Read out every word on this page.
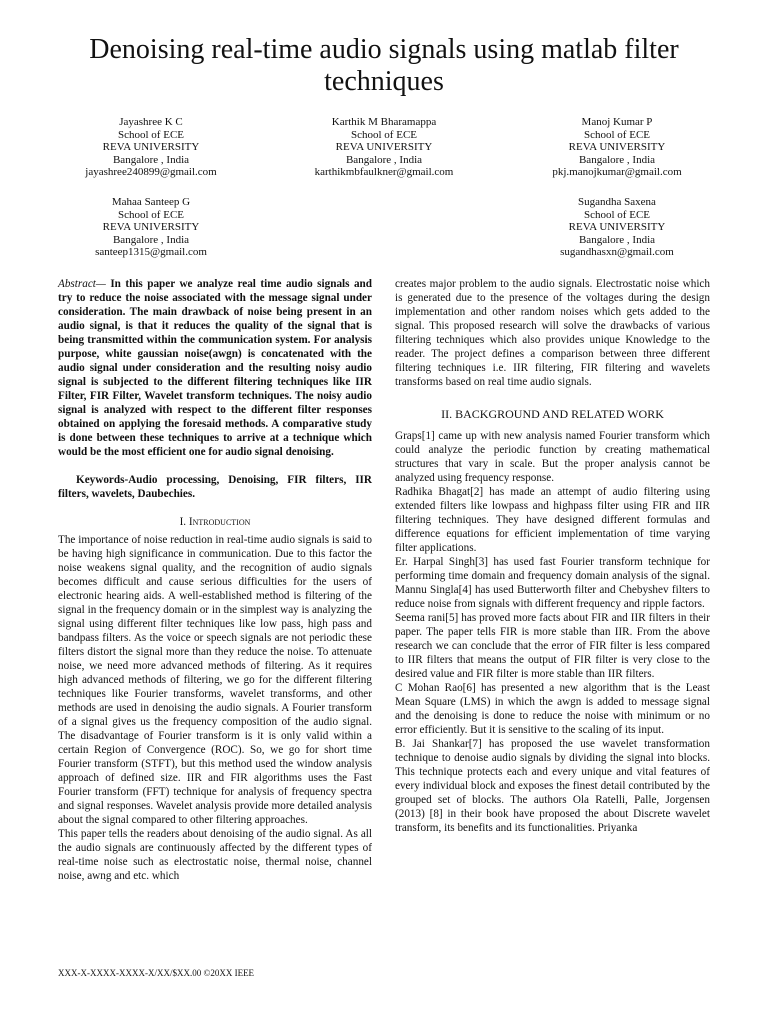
Denoising real-time audio signals using matlab filter techniques
Jayashree K C
School of ECE
REVA UNIVERSITY
Bangalore , India
jayashree240899@gmail.com
Karthik M Bharamappa
School of ECE
REVA UNIVERSITY
Bangalore , India
karthikmbfaulkner@gmail.com
Manoj Kumar P
School of ECE
REVA UNIVERSITY
Bangalore , India
pkj.manojkumar@gmail.com
Mahaa Santeep G
School of ECE
REVA UNIVERSITY
Bangalore , India
santeep1315@gmail.com
Sugandha Saxena
School of ECE
REVA UNIVERSITY
Bangalore , India
sugandhasxn@gmail.com

Abstract— In this paper we analyze real time audio signals and try to reduce the noise associated with the message signal under consideration. The main drawback of noise being present in an audio signal, is that it reduces the quality of the signal that is being transmitted within the communication system. For analysis purpose, white gaussian noise(awgn) is concatenated with the audio signal under consideration and the resulting noisy audio signal is subjected to the different filtering techniques like IIR Filter, FIR Filter, Wavelet transform techniques. The noisy audio signal is analyzed with respect to the different filter responses obtained on applying the foresaid methods. A comparative study is done between these techniques to arrive at a technique which would be the most efficient one for audio signal denoising.

Keywords-Audio processing, Denoising, FIR filters, IIR filters, wavelets, Daubechies.

I. Introduction

The importance of noise reduction in real-time audio signals is said to be having high significance in communication. Due to this factor the noise weakens signal quality, and the recognition of audio signals becomes difficult and cause serious difficulties for the users of electronic hearing aids. A well-established method is filtering of the signal in the frequency domain or in the simplest way is analyzing the signal using different filter techniques like low pass, high pass and bandpass filters. As the voice or speech signals are not periodic these filters distort the signal more than they reduce the noise. To attenuate noise, we need more advanced methods of filtering. As it requires high advanced methods of filtering, we go for the different filtering techniques like Fourier transforms, wavelet transforms, and other methods are used in denoising the audio signals. A Fourier transform of a signal gives us the frequency composition of the audio signal. The disadvantage of Fourier transform is it is only valid within a certain Region of Convergence (ROC). So, we go for short time Fourier transform (STFT), but this method used the window analysis approach of defined size. IIR and FIR algorithms uses the Fast Fourier transform (FFT) technique for analysis of frequency spectra and signal responses. Wavelet analysis provide more detailed analysis about the signal compared to other filtering approaches.

This paper tells the readers about denoising of the audio signal. As all the audio signals are continuously affected by the different types of real-time noise such as electrostatic noise, thermal noise, channel noise, awng and etc. which

creates major problem to the audio signals. Electrostatic noise which is generated due to the presence of the voltages during the design implementation and other random noises which gets added to the signal. This proposed research will solve the drawbacks of various filtering techniques which also provides unique Knowledge to the reader. The project defines a comparison between three different filtering techniques i.e. IIR filtering, FIR filtering and wavelets transforms based on real time audio signals.

II. BACKGROUND AND RELATED WORK

Graps[1] came up with new analysis named Fourier transform which could analyze the periodic function by creating mathematical structures that vary in scale. But the proper analysis cannot be analyzed using frequency response.

Radhika Bhagat[2] has made an attempt of audio filtering using extended filters like lowpass and highpass filter using FIR and IIR filtering techniques. They have designed different formulas and difference equations for efficient implementation of time varying filter applications.

Er. Harpal Singh[3] has used fast Fourier transform technique for performing time domain and frequency domain analysis of the signal. Mannu Singla[4] has used Butterworth filter and Chebyshev filters to reduce noise from signals with different frequency and ripple factors.

Seema rani[5] has proved more facts about FIR and IIR filters in their paper. The paper tells FIR is more stable than IIR. From the above research we can conclude that the error of FIR filter is less compared to IIR filters that means the output of FIR filter is very close to the desired value and FIR filter is more stable than IIR filters.

C Mohan Rao[6] has presented a new algorithm that is the Least Mean Square (LMS) in which the awgn is added to message signal and the denoising is done to reduce the noise with minimum or no error efficiently. But it is sensitive to the scaling of its input.

B. Jai Shankar[7] has proposed the use wavelet transformation technique to denoise audio signals by dividing the signal into blocks. This technique protects each and every unique and vital features of every individual block and exposes the finest detail contributed by the grouped set of blocks. The authors Ola Ratelli, Palle, Jorgensen (2013) [8] in their book have proposed the about Discrete wavelet transform, its benefits and its functionalities. Priyanka

XXX-X-XXXX-XXXX-X/XX/$XX.00 ©20XX IEEE
